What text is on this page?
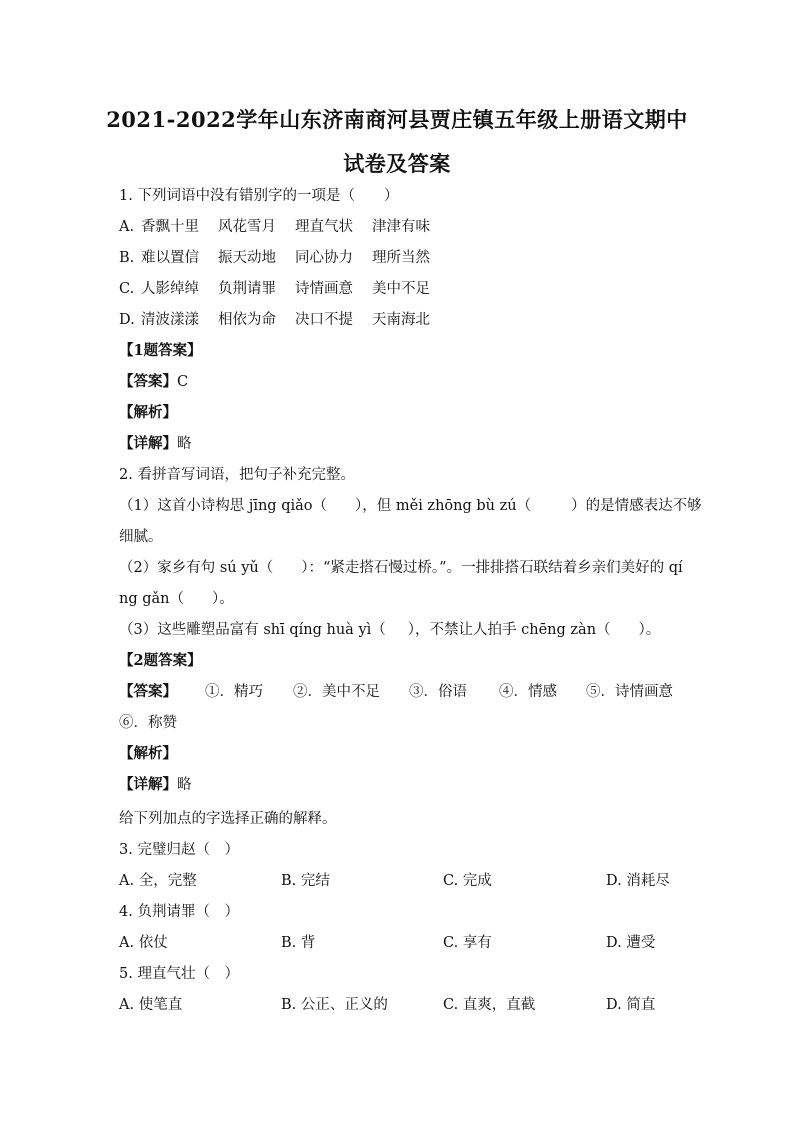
2021-2022学年山东济南商河县贾庄镇五年级上册语文期中
试卷及答案
1. 下列词语中没有错别字的一项是（　　）
A. 香飘十里 风花雪月 理直气状 津津有味
B. 难以置信 振天动地 同心协力 理所当然
C. 人影绰绰 负荆请罪 诗情画意 美中不足
D. 清波漾漾 相依为命 决口不提 天南海北
【1题答案】
【答案】C
【解析】
【详解】略
2. 看拼音写词语，把句子补充完整。
（1）这首小诗构思 jīng qiǎo（ ），但 měi zhōng bù zú（	）的是情感表达不够
细腻。
（2）家乡有句 sú yǔ（ ）：“紧走搭石慢过桥。”。一排排搭石联结着乡亲们美好的 qí
ng gǎn（ ）。
（3）这些雕塑品富有 shī qíng huà yì（ ），不禁让人拍手 chēng zàn（ ）。
【2题答案】
【答案】 ①．精巧 ②．美中不足 ③．俗语 ④．情感 ⑤．诗情画意
⑥．称赞
【解析】
【详解】略
给下列加点的字选择正确的解释。
3. 完璧归赵（　）
A. 全，完整	B. 完结	C. 完成	D. 消耗尽
4. 负荆请罪（　）
A. 依仗	B. 背	C. 享有	D. 遭受
5. 理直气壮（　）
A. 使笔直	B. 公正、正义的	C. 直爽，直截	D. 简直
